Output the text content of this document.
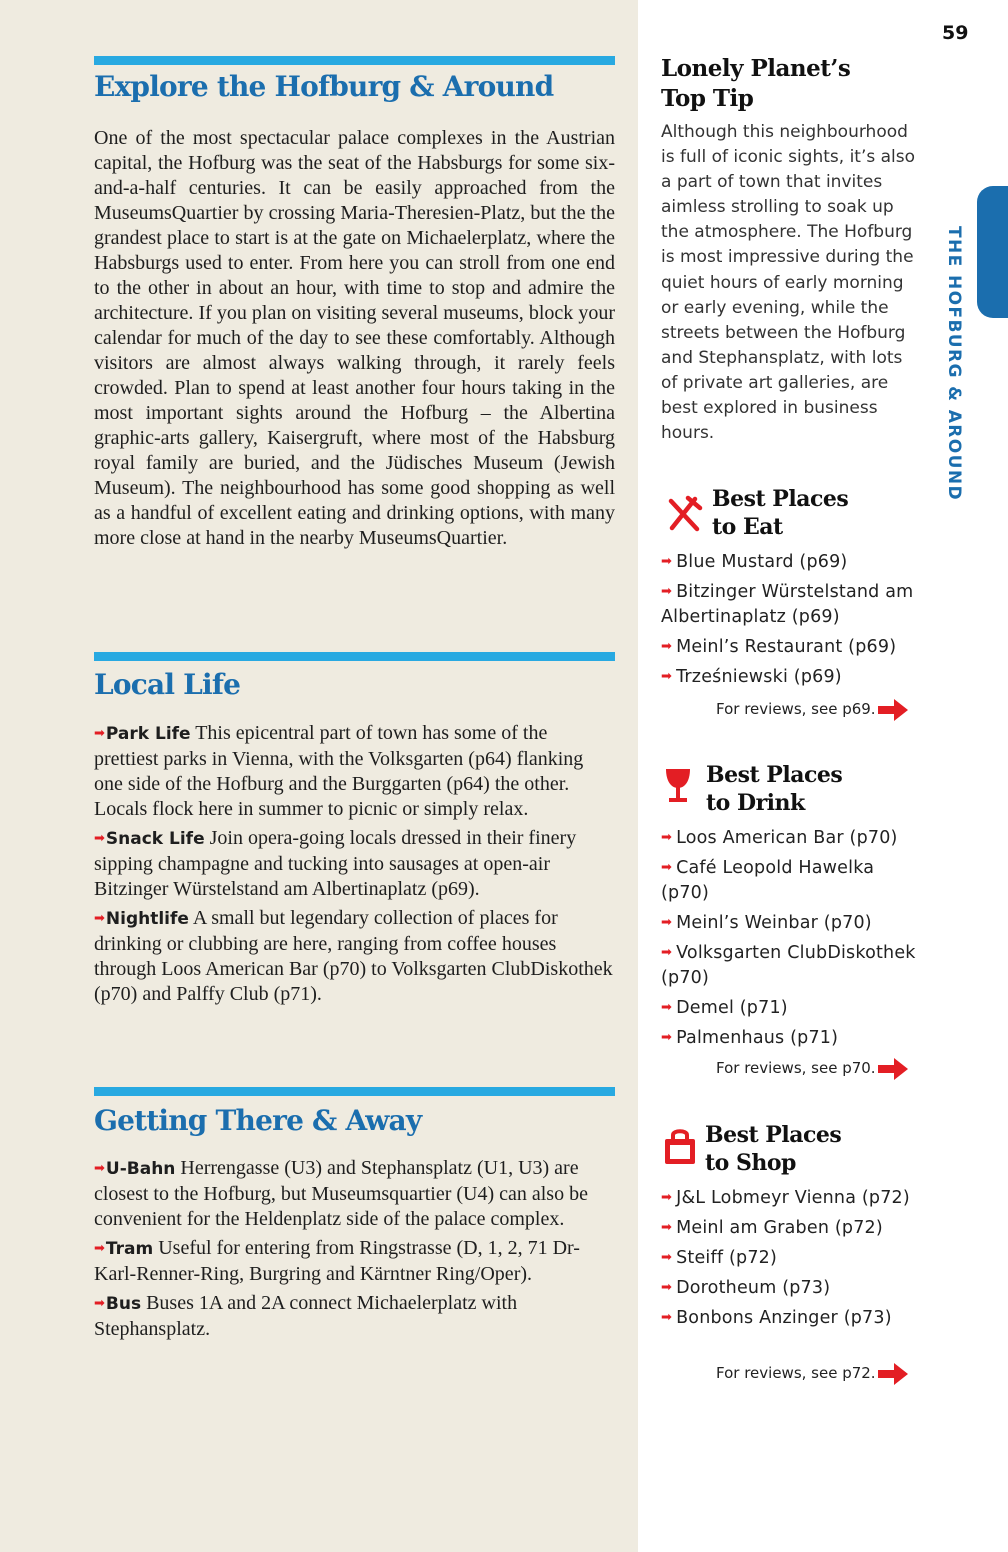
Explore the Hofburg & Around
One of the most spectacular palace complexes in the Austrian capital, the Hofburg was the seat of the Habsburgs for some six-and-a-half centuries. It can be easily approached from the MuseumsQuartier by crossing Maria-Theresien-Platz, but the the grandest place to start is at the gate on Michaelerplatz, where the Habsburgs used to enter. From here you can stroll from one end to the other in about an hour, with time to stop and admire the architecture. If you plan on visiting several museums, block your calendar for much of the day to see these comfortably. Although visitors are almost always walking through, it rarely feels crowded. Plan to spend at least another four hours taking in the most important sights around the Hofburg – the Albertina graphic-arts gallery, Kaisergruft, where most of the Habsburg royal family are buried, and the Jüdisches Museum (Jewish Museum). The neighbourhood has some good shopping as well as a handful of excellent eating and drinking options, with many more close at hand in the nearby MuseumsQuartier.
Local Life

➡Park Life This epicentral part of town has some of the prettiest parks in Vienna, with the Volksgarten (p64) flanking one side of the Hofburg and the Burggarten (p64) the other. Locals flock here in summer to picnic or simply relax.

➡Snack Life Join opera-going locals dressed in their finery sipping champagne and tucking into sausages at open-air Bitzinger Würstelstand am Albertinaplatz (p69).

➡Nightlife A small but legendary collection of places for drinking or clubbing are here, ranging from coffee houses through Loos American Bar (p70) to Volksgarten ClubDiskothek (p70) and Palffy Club (p71).

Getting There & Away

➡U-Bahn Herrengasse (U3) and Stephansplatz (U1, U3) are closest to the Hofburg, but Museumsquartier (U4) can also be convenient for the Heldenplatz side of the palace complex.

➡Tram Useful for entering from Ringstrasse (D, 1, 2, 71 Dr-Karl-Renner-Ring, Burgring and Kärntner Ring/Oper).

➡Bus Buses 1A and 2A connect Michaelerplatz with Stephansplatz.

59
THE HOFBURG & AROUND
Lonely Planet’s
Top Tip
Although this neighbourhood is full of iconic sights, it’s also a part of town that invites aimless strolling to soak up the atmosphere. The Hofburg is most impressive during the quiet hours of early morning or early evening, while the streets between the Hofburg and Stephansplatz, with lots of private art galleries, are best explored in business hours.
Best Places
to Eat
➡ Blue Mustard (p69)
➡ Bitzinger Würstelstand am Albertinaplatz (p69)
➡ Meinl’s Restaurant (p69)
➡ Trześniewski (p69)
For reviews, see p69.
Best Places
to Drink
➡ Loos American Bar (p70)
➡ Café Leopold Hawelka (p70)
➡ Meinl’s Weinbar (p70)
➡ Volksgarten ClubDiskothek (p70)
➡ Demel (p71)
➡ Palmenhaus (p71)
For reviews, see p70.
Best Places
to Shop
➡ J&L Lobmeyr Vienna (p72)
➡ Meinl am Graben (p72)
➡ Steiff (p72)
➡ Dorotheum (p73)
➡ Bonbons Anzinger (p73)
For reviews, see p72.
